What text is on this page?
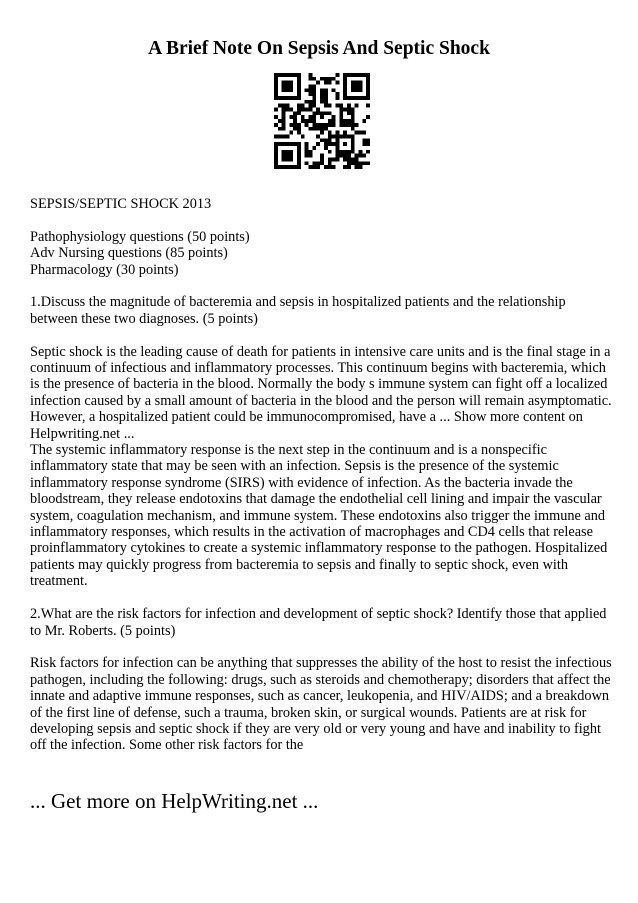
A Brief Note On Sepsis And Septic Shock

SEPSIS/SEPTIC SHOCK 2013

Pathophysiology questions (50 points)
Adv Nursing questions (85 points)
Pharmacology (30 points)

1.Discuss the magnitude of bacteremia and sepsis in hospitalized patients and the relationship between these two diagnoses. (5 points)

Septic shock is the leading cause of death for patients in intensive care units and is the final stage in a continuum of infectious and inflammatory processes. This continuum begins with bacteremia, which is the presence of bacteria in the blood. Normally the body s immune system can fight off a localized infection caused by a small amount of bacteria in the blood and the person will remain asymptomatic. However, a hospitalized patient could be immunocompromised, have a ... Show more content on Helpwriting.net ...

The systemic inflammatory response is the next step in the continuum and is a nonspecific inflammatory state that may be seen with an infection. Sepsis is the presence of the systemic inflammatory response syndrome (SIRS) with evidence of infection. As the bacteria invade the bloodstream, they release endotoxins that damage the endothelial cell lining and impair the vascular system, coagulation mechanism, and immune system. These endotoxins also trigger the immune and inflammatory responses, which results in the activation of macrophages and CD4 cells that release proinflammatory cytokines to create a systemic inflammatory response to the pathogen. Hospitalized patients may quickly progress from bacteremia to sepsis and finally to septic shock, even with treatment.

2.What are the risk factors for infection and development of septic shock? Identify those that applied to Mr. Roberts. (5 points)

Risk factors for infection can be anything that suppresses the ability of the host to resist the infectious pathogen, including the following: drugs, such as steroids and chemotherapy; disorders that affect the innate and adaptive immune responses, such as cancer, leukopenia, and HIV/AIDS; and a breakdown of the first line of defense, such a trauma, broken skin, or surgical wounds. Patients are at risk for developing sepsis and septic shock if they are very old or very young and have and inability to fight off the infection. Some other risk factors for the

... Get more on HelpWriting.net ...
